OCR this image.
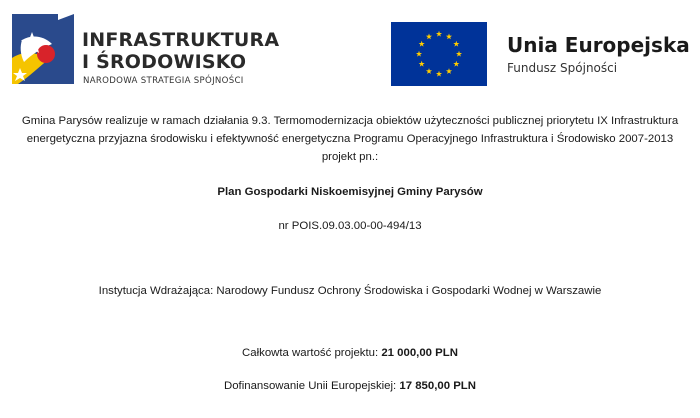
INFRASTRUKTURA
I ŚRODOWISKO
NARODOWA STRATEGIA SPÓJNOŚCI
Unia Europejska
Fundusz Spójności
Gmina Parysów realizuje w ramach działania 9.3. Termomodernizacja obiektów użyteczności publicznej priorytetu IX Infrastruktura energetyczna przyjazna środowisku i efektywność energetyczna Programu Operacyjnego Infrastruktura i Środowisko 2007-2013 projekt pn.:
Plan Gospodarki Niskoemisyjnej Gminy Parysów
nr POIS.09.03.00-00-494/13
Instytucja Wdrażająca: Narodowy Fundusz Ochrony Środowiska i Gospodarki Wodnej w Warszawie
Całkowta wartość projektu: 21 000,00 PLN
Dofinansowanie Unii Europejskiej: 17 850,00 PLN
